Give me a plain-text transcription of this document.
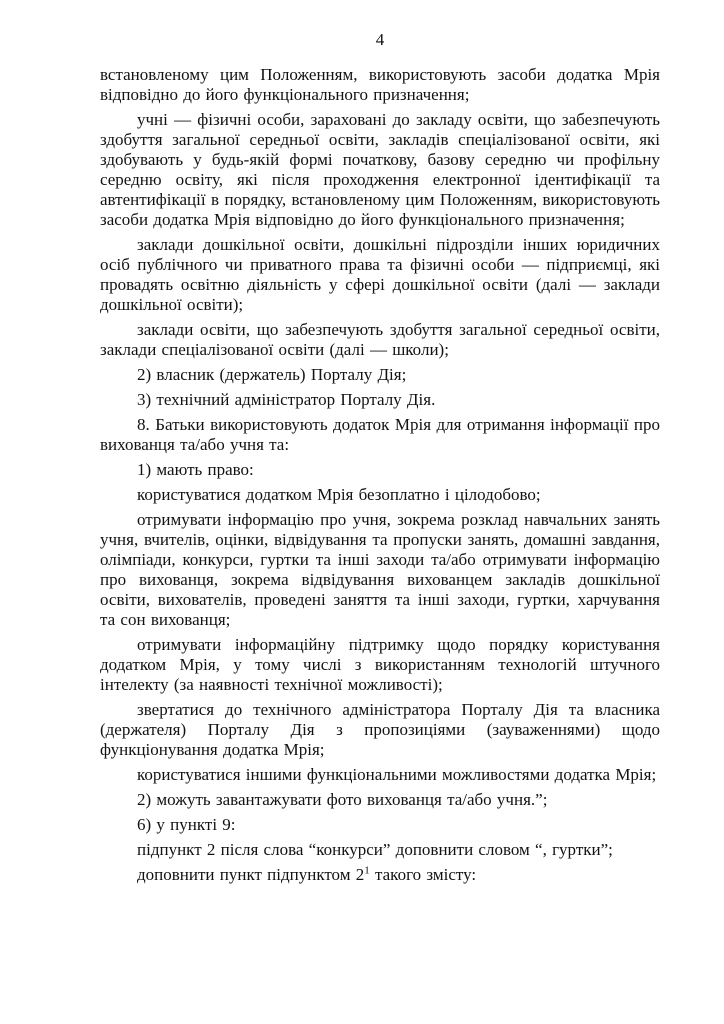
4

встановленому цим Положенням, використовують засоби додатка Мрія відповідно до його функціонального призначення;

учні — фізичні особи, зараховані до закладу освіти, що забезпечують здобуття загальної середньої освіти, закладів спеціалізованої освіти, які здобувають у будь-якій формі початкову, базову середню чи профільну середню освіту, які після проходження електронної ідентифікації та автентифікації в порядку, встановленому цим Положенням, використовують засоби додатка Мрія відповідно до його функціонального призначення;

заклади дошкільної освіти, дошкільні підрозділи інших юридичних осіб публічного чи приватного права та фізичні особи — підприємці, які провадять освітню діяльність у сфері дошкільної освіти (далі — заклади дошкільної освіти);

заклади освіти, що забезпечують здобуття загальної середньої освіти, заклади спеціалізованої освіти (далі — школи);

2) власник (держатель) Порталу Дія;

3) технічний адміністратор Порталу Дія.

8. Батьки використовують додаток Мрія для отримання інформації про вихованця та/або учня та:

1) мають право:

користуватися додатком Мрія безоплатно і цілодобово;

отримувати інформацію про учня, зокрема розклад навчальних занять учня, вчителів, оцінки, відвідування та пропуски занять, домашні завдання, олімпіади, конкурси, гуртки та інші заходи та/або отримувати інформацію про вихованця, зокрема відвідування вихованцем закладів дошкільної освіти, вихователів, проведені заняття та інші заходи, гуртки, харчування та сон вихованця;

отримувати інформаційну підтримку щодо порядку користування додатком Мрія, у тому числі з використанням технологій штучного інтелекту (за наявності технічної можливості);

звертатися до технічного адміністратора Порталу Дія та власника (держателя) Порталу Дія з пропозиціями (зауваженнями) щодо функціонування додатка Мрія;

користуватися іншими функціональними можливостями додатка Мрія;

2) можуть завантажувати фото вихованця та/або учня.”;

6) у пункті 9:

підпункт 2 після слова “конкурси” доповнити словом “, гуртки”;

доповнити пункт підпунктом $2^1$ такого змісту:
